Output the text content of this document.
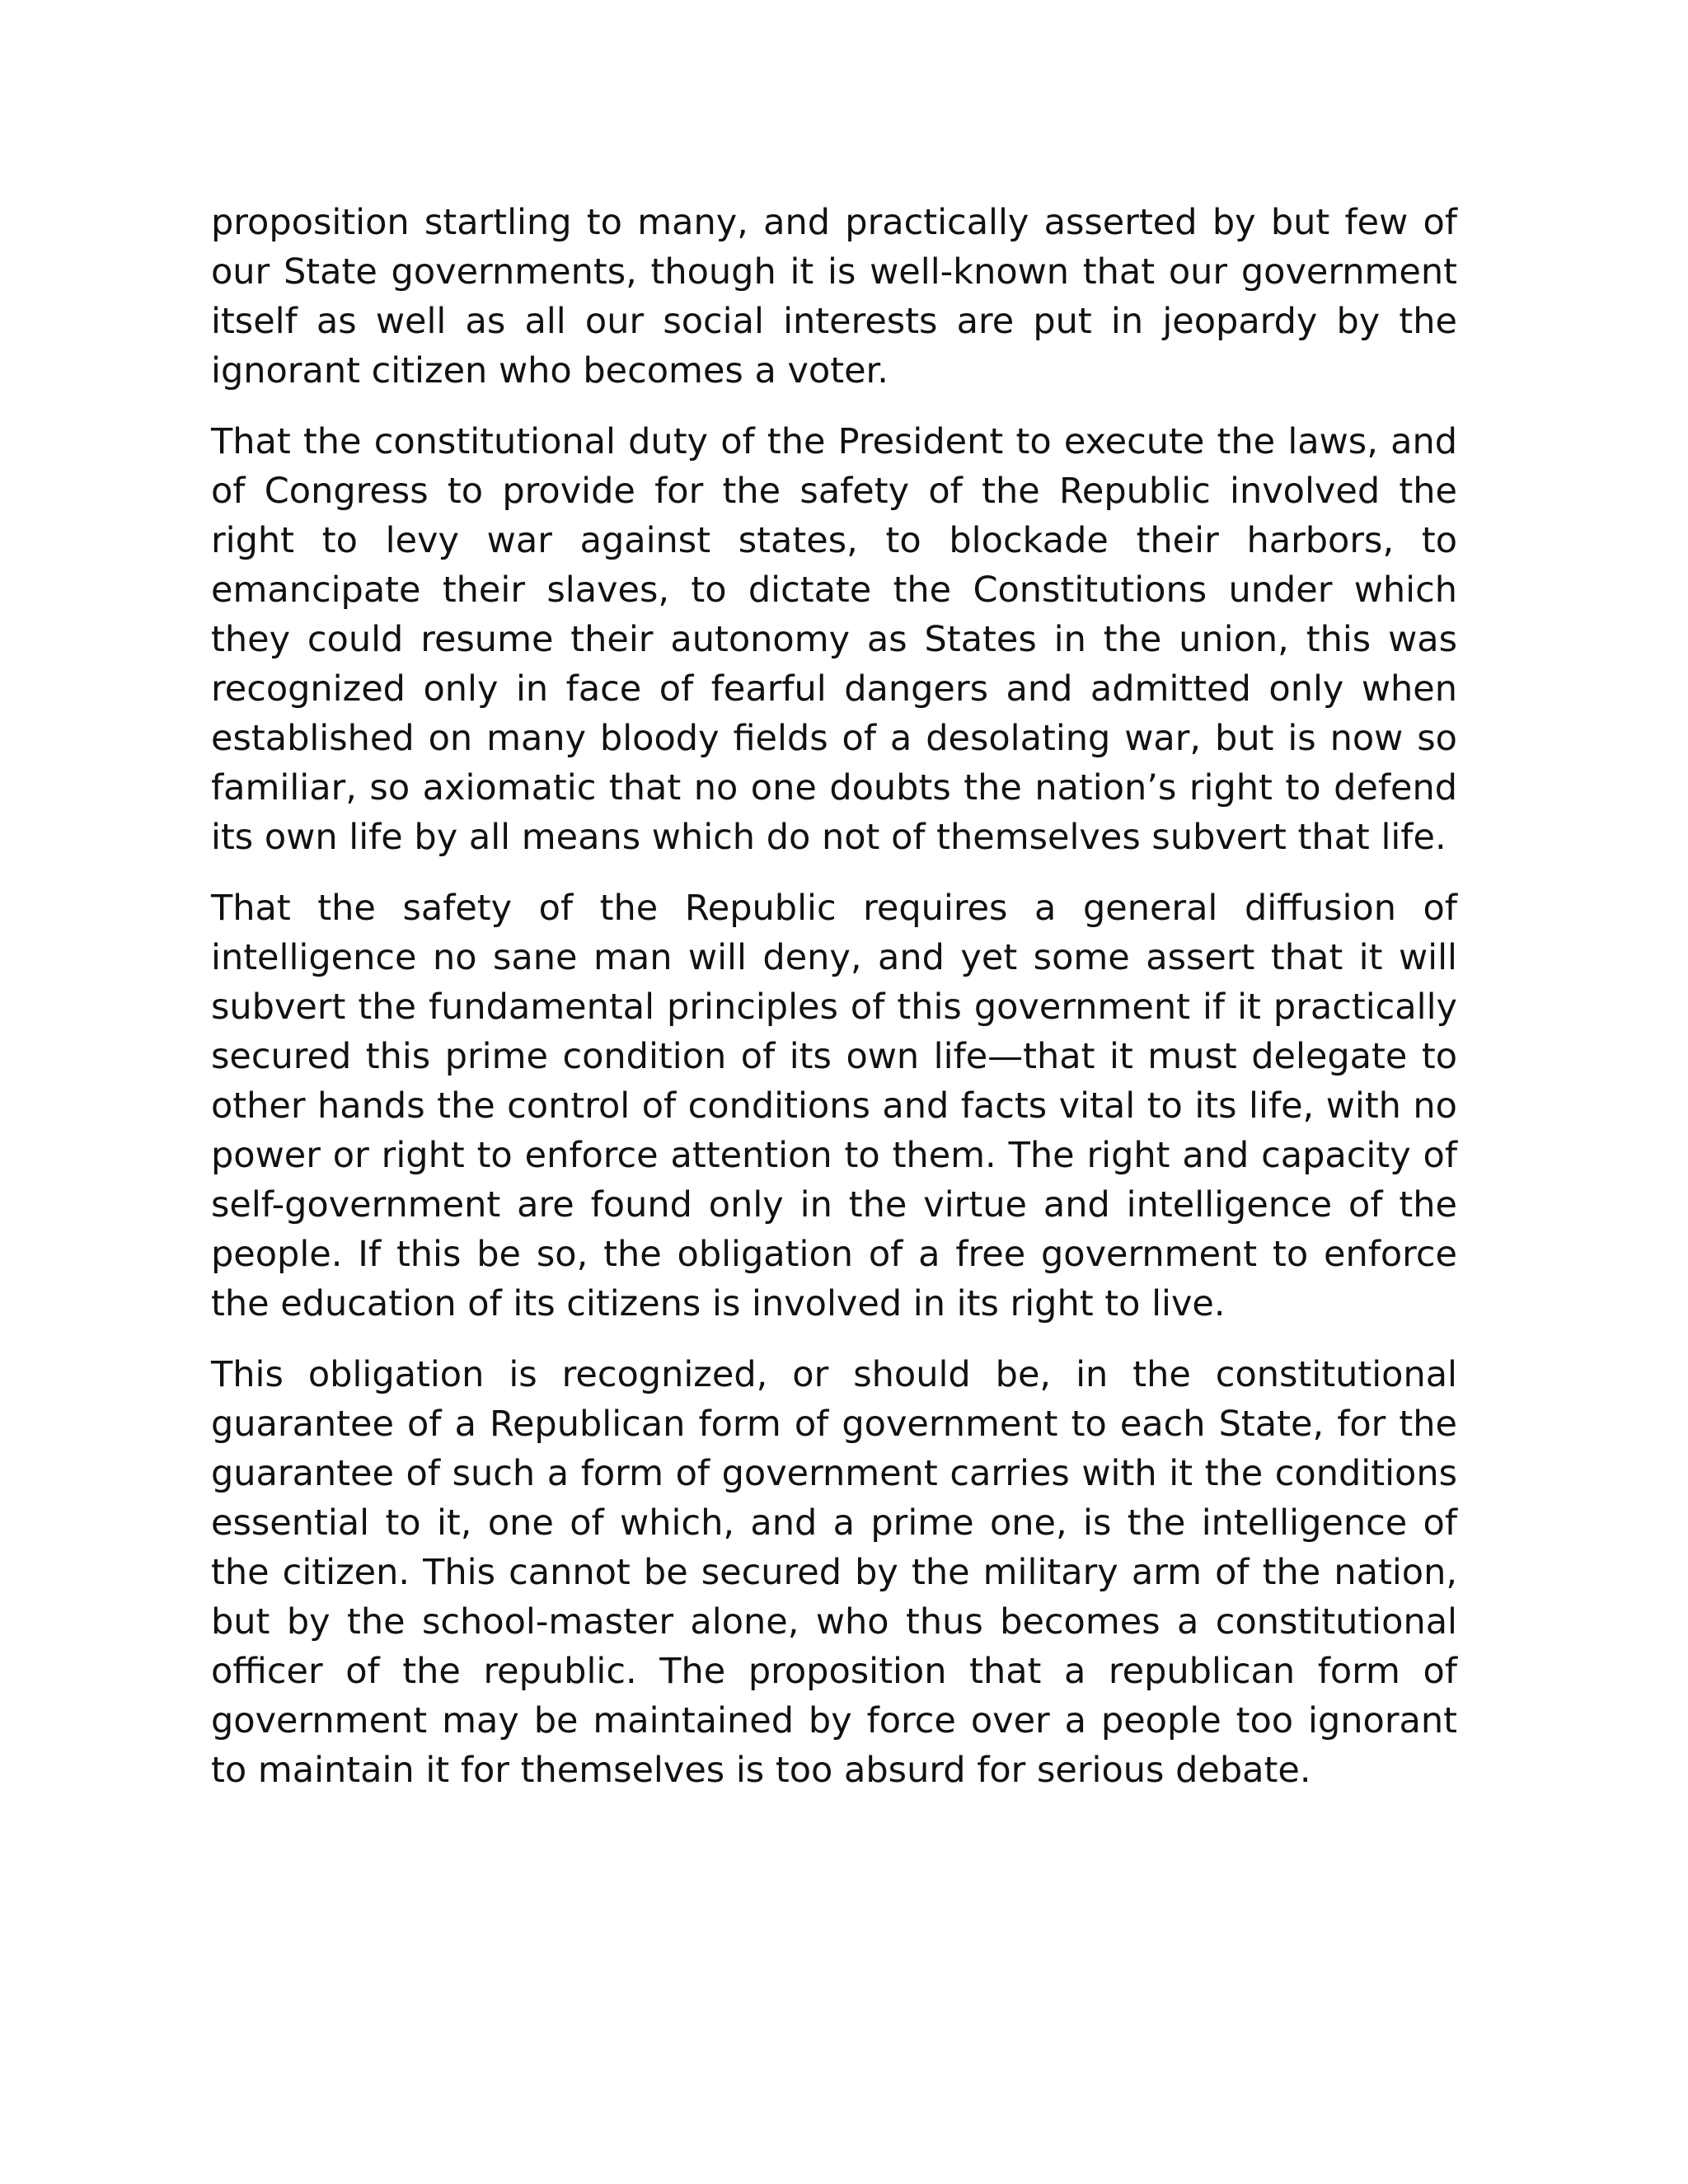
proposition startling to many, and practically asserted by but few of our State governments, though it is well-known that our government itself as well as all our social interests are put in jeopardy by the ignorant citizen who becomes a voter.

That the constitutional duty of the President to execute the laws, and of Congress to provide for the safety of the Republic involved the right to levy war against states, to blockade their harbors, to emancipate their slaves, to dictate the Constitutions under which they could resume their autonomy as States in the union, this was recognized only in face of fearful dangers and admitted only when established on many bloody fields of a desolating war, but is now so familiar, so axiomatic that no one doubts the nation’s right to defend its own life by all means which do not of themselves subvert that life.

That the safety of the Republic requires a general diffusion of intelligence no sane man will deny, and yet some assert that it will subvert the fundamental principles of this government if it practically secured this prime condition of its own life—that it must delegate to other hands the control of conditions and facts vital to its life, with no power or right to enforce attention to them. The right and capacity of self-government are found only in the virtue and intelligence of the people. If this be so, the obligation of a free government to enforce the education of its citizens is involved in its right to live.

This obligation is recognized, or should be, in the constitutional guarantee of a Republican form of government to each State, for the guarantee of such a form of government carries with it the conditions essential to it, one of which, and a prime one, is the intelligence of the citizen. This cannot be secured by the military arm of the nation, but by the school-master alone, who thus becomes a constitutional officer of the republic. The proposition that a republican form of government may be maintained by force over a people too ignorant to maintain it for themselves is too absurd for serious debate.
